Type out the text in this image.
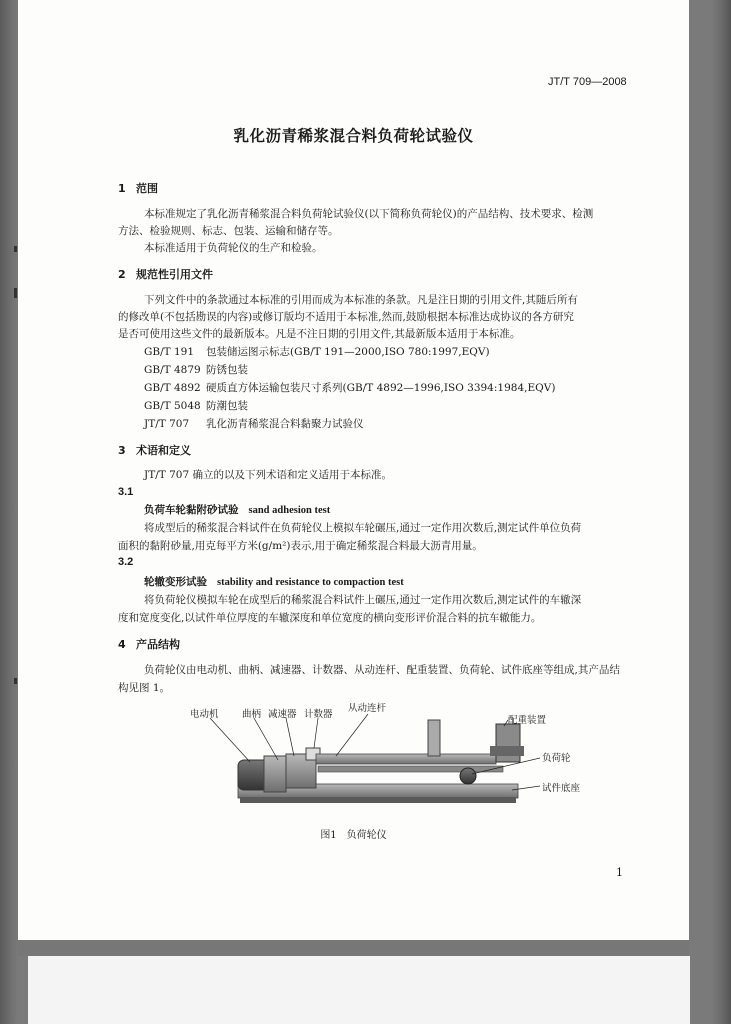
JT/T 709—2008
乳化沥青稀浆混合料负荷轮试验仪
1 范围
本标准规定了乳化沥青稀浆混合料负荷轮试验仪(以下简称负荷轮仪)的产品结构、技术要求、检测
方法、检验规则、标志、包装、运输和储存等。
本标准适用于负荷轮仪的生产和检验。
2 规范性引用文件
下列文件中的条款通过本标准的引用而成为本标准的条款。凡是注日期的引用文件,其随后所有
的修改单(不包括勘误的内容)或修订版均不适用于本标准,然而,鼓励根据本标准达成协议的各方研究
是否可使用这些文件的最新版本。凡是不注日期的引用文件,其最新版本适用于本标准。
GB/T 191 包装储运图示标志(GB/T 191—2000,ISO 780:1997,EQV)
GB/T 4879 防锈包装
GB/T 4892 硬质直方体运输包装尺寸系列(GB/T 4892—1996,ISO 3394:1984,EQV)
GB/T 5048 防潮包装
JT/T 707 乳化沥青稀浆混合料黏聚力试验仪
3 术语和定义
JT/T 707 确立的以及下列术语和定义适用于本标准。
3.1
负荷车轮黏附砂试验 sand adhesion test
将成型后的稀浆混合料试件在负荷轮仪上模拟车轮碾压,通过一定作用次数后,测定试件单位负荷
面积的黏附砂量,用克每平方米(g/m²)表示,用于确定稀浆混合料最大沥青用量。
3.2
轮辙变形试验 stability and resistance to compaction test
将负荷轮仪模拟车轮在成型后的稀浆混合料试件上碾压,通过一定作用次数后,测定试件的车辙深
度和宽度变化,以试件单位厚度的车辙深度和单位宽度的横向变形评价混合料的抗车辙能力。
4 产品结构
负荷轮仪由电动机、曲柄、减速器、计数器、从动连杆、配重装置、负荷轮、试件底座等组成,其产品结
构见图 1。
电动机 曲柄 减速器 计数器
从动连杆
配重装置
负荷轮
试件底座
图1　负荷轮仪
1
